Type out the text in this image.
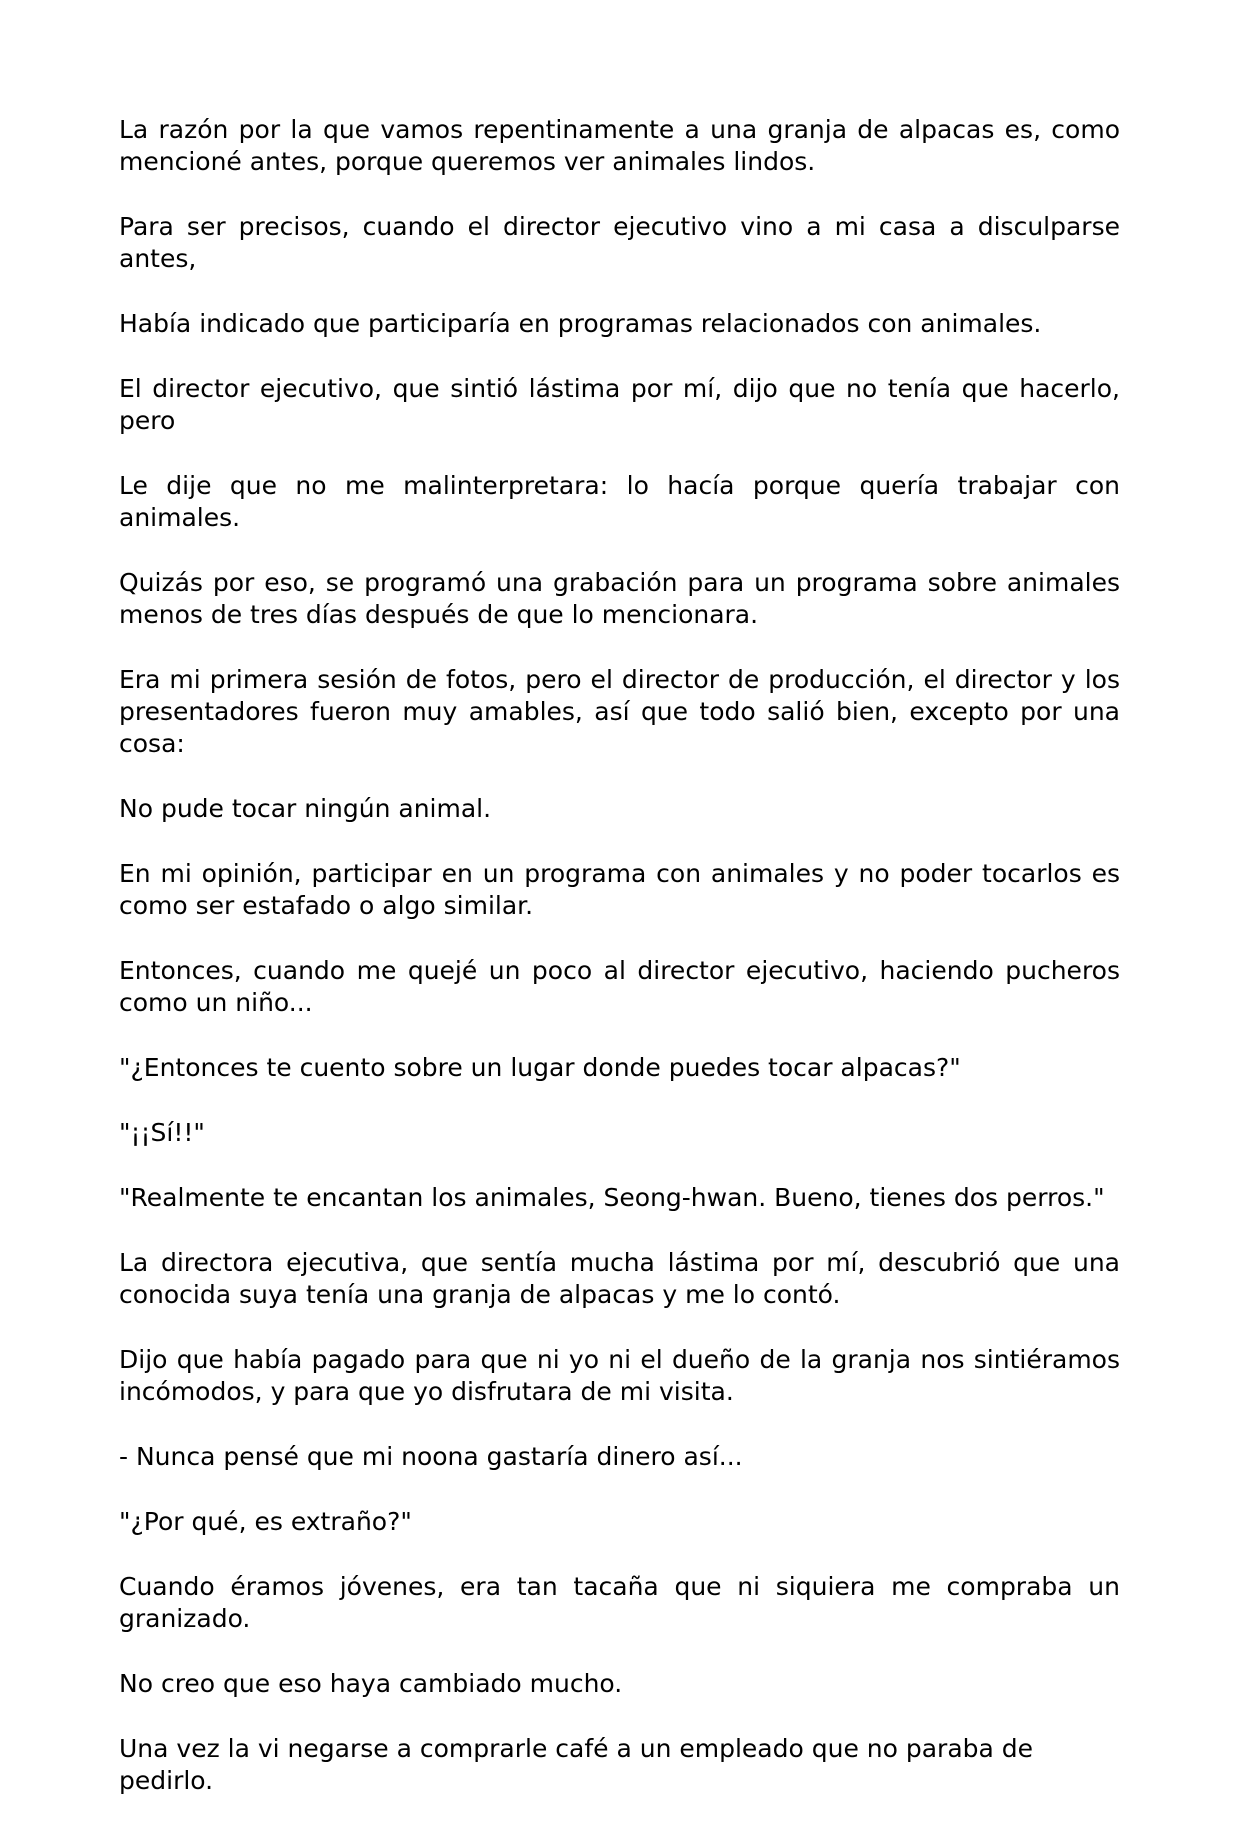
La razón por la que vamos repentinamente a una granja de alpacas es, como mencioné antes, porque queremos ver animales lindos.

Para ser precisos, cuando el director ejecutivo vino a mi casa a disculparse antes,

Había indicado que participaría en programas relacionados con animales.

El director ejecutivo, que sintió lástima por mí, dijo que no tenía que hacerlo, pero

Le dije que no me malinterpretara: lo hacía porque quería trabajar con animales.

Quizás por eso, se programó una grabación para un programa sobre animales menos de tres días después de que lo mencionara.

Era mi primera sesión de fotos, pero el director de producción, el director y los presentadores fueron muy amables, así que todo salió bien, excepto por una cosa:

No pude tocar ningún animal.

En mi opinión, participar en un programa con animales y no poder tocarlos es como ser estafado o algo similar.

Entonces, cuando me quejé un poco al director ejecutivo, haciendo pucheros como un niño...

"¿Entonces te cuento sobre un lugar donde puedes tocar alpacas?"

"¡¡Sí!!"

"Realmente te encantan los animales, Seong-hwan. Bueno, tienes dos perros."

La directora ejecutiva, que sentía mucha lástima por mí, descubrió que una conocida suya tenía una granja de alpacas y me lo contó.

Dijo que había pagado para que ni yo ni el dueño de la granja nos sintiéramos incómodos, y para que yo disfrutara de mi visita.

- Nunca pensé que mi noona gastaría dinero así...

"¿Por qué, es extraño?"

Cuando éramos jóvenes, era tan tacaña que ni siquiera me compraba un granizado.

No creo que eso haya cambiado mucho.

Una vez la vi negarse a comprarle café a un empleado que no paraba de pedirlo.
